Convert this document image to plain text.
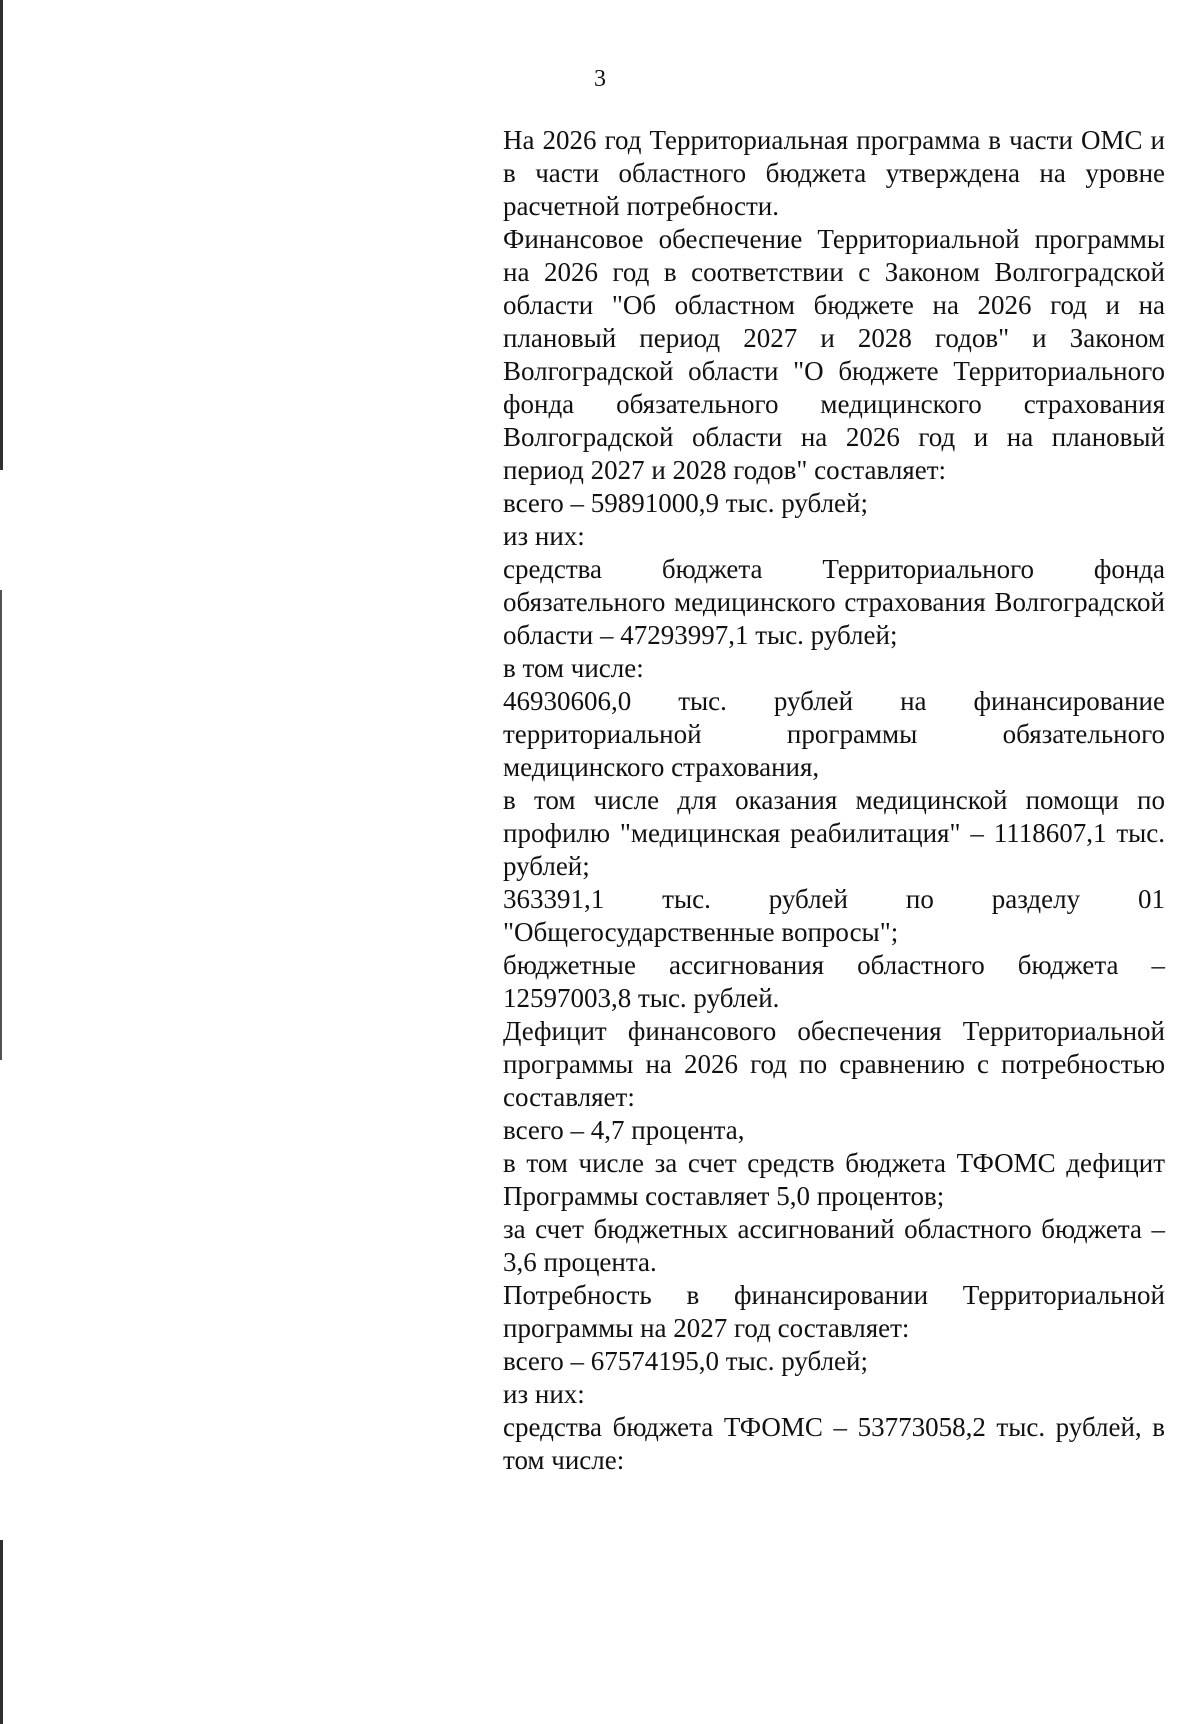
3

На 2026 год Территориальная программа в части ОМС и в части областного бюджета утверждена на уровне расчетной потребности.

Финансовое обеспечение Территориальной программы на 2026 год в соответствии с Законом Волгоградской области "Об областном бюджете на 2026 год и на плановый период 2027 и 2028 годов" и Законом Волгоградской области "О бюджете Территориального фонда обязательного медицинского страхования Волгоградской области на 2026 год и на плановый период 2027 и 2028 годов" составляет:

всего – 59891000,9 тыс. рублей;

из них:

средства бюджета Территориального фонда обязательного медицинского страхования Волгоградской области – 47293997,1 тыс. рублей;

в том числе:

46930606,0 тыс. рублей на финансирование территориальной программы обязательного медицинского страхования,

в том числе для оказания медицинской помощи по профилю "медицинская реабилитация" – 1118607,1 тыс. рублей;

363391,1 тыс. рублей по разделу 01 "Общегосударственные вопросы";

бюджетные ассигнования областного бюджета – 12597003,8 тыс. рублей.

Дефицит финансового обеспечения Территориальной программы на 2026 год по сравнению с потребностью составляет:

всего – 4,7 процента,

в том числе за счет средств бюджета ТФОМС дефицит Программы составляет 5,0 процентов;

за счет бюджетных ассигнований областного бюджета – 3,6 процента.

Потребность в финансировании Территориальной программы на 2027 год составляет:

всего – 67574195,0 тыс. рублей;

из них:

средства бюджета ТФОМС – 53773058,2 тыс. рублей, в том числе:
